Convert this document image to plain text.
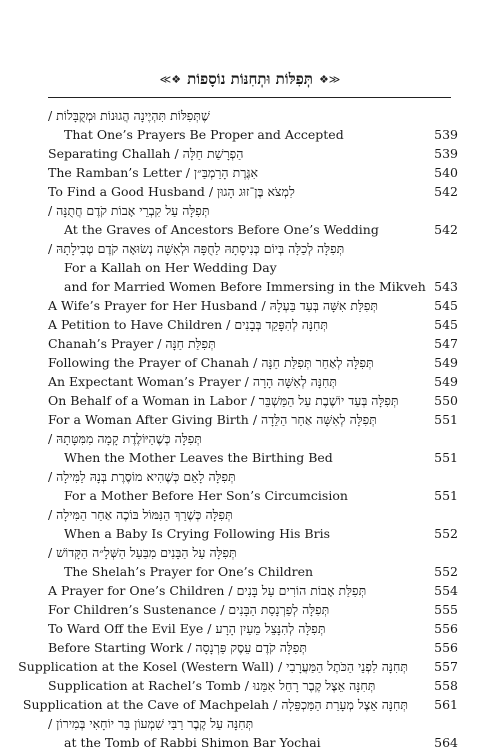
≪❖ תְּפִלּוֹת וּתְחִנּוֹת נוֹסָפוֹת ❖≫
שֶׁתְּפִלּוֹת תִּהְיֶינָה הֲגוּנוֹת וּמְקֻבָּלוֹת /
That One’s Prayers Be Proper and Accepted	539
הַפְרָשַׁת חַלָּה / Separating Challah	539
אִגֶּרֶת הָרַמְבַּ״ן / The Ramban’s Letter	540
לִמְצֹא בֶּן־זוּג הָגוּן / To Find a Good Husband	542
תְּפִלָּה עַל קִבְרֵי אָבוֹת קֹדֶם חֲתֻנָּה /
At the Graves of Ancestors Before One’s Wedding	542
תְּפִלָּה לְכַלָּה בְּיוֹם כְּנִיסָתָהּ לַחֻפָּה וּלְאִשָּׁה נְשׂוּאָה קֹדֶם טְבִילָתָהּ /
For a Kallah on Her Wedding Day
and for Married Women Before Immersing in the Mikveh 543
תְּפִלַּת אִשָּׁה בְּעַד בַּעְלָהּ / A Wife’s Prayer for Her Husband	545
תְּחִנָּה לְהִפָּקֵד בְּבָנִים / A Petition to Have Children	545
תְּפִלַּת חַנָּה / Chanah’s Prayer	547
תְּפִלָּה לְאַחַר תְּפִלַּת חַנָּה / Following the Prayer of Chanah	549
תְּחִנָּה לְאִשָּׁה הָרָה / An Expectant Woman’s Prayer	549
תְּפִלָּה בְּעַד יוֹשֶׁבֶת עַל הַמַּשְׁבֵּר / On Behalf of a Woman in Labor	550
תְּפִלָּה לְאִשָּׁה אַחַר הַלֵּדָה / For a Woman After Giving Birth	551
תְּפִלָּה כְּשֶׁהַיּוֹלֶדֶת קָמָה מִמִּטָּתָהּ /
When the Mother Leaves the Birthing Bed	551
תְּפִלָּה לָאֵם כְּשֶׁהִיא מוֹסֶרֶת בְּנָהּ לַמִּילָה /
For a Mother Before Her Son’s Circumcision	551
תְּפִלָּה כְּשֶׁרַךְ הַנִּמּוֹל בּוֹכֶה אַחַר הַמִּילָה /
When a Baby Is Crying Following His Bris	552
תְּפִלָּה עַל הַבָּנִים מִבַּעַל הַשְּׁלָ״ה הַקָּדוֹשׁ /
The Shelah’s Prayer for One’s Children	552
תְּפִלַּת אָבוֹת הוֹרִים עַל בָּנִים / A Prayer for One’s Children	554
תְּפִלָּה לְפַרְנָסַת הַבָּנִים / For Children’s Sustenance	555
תְּפִלָּה לְהִנָּצֵל מֵעַיִן הָרָע / To Ward Off the Evil Eye	556
תְּפִלָּה קֹדֶם עֵסֶק פַּרְנָסָה / Before Starting Work	556
תְּחִנָּה לִפְנֵי הַכֹּתֶל הַמַּעֲרָבִי / Supplication at the Kosel (Western Wall)	557
תְּחִנָּה אֵצֶל קֶבֶר רָחֵל אִמֵּנוּ / Supplication at Rachel’s Tomb	558
תְּחִנָּה אֵצֶל מְעָרַת הַמַּכְפֵּלָה / Supplication at the Cave of Machpelah	561
תְּחִנָּה עַל קֶבֶר רַבִּי שִׁמְעוֹן בַּר יוֹחָאִי בְּמִירוֹן /
at the Tomb of Rabbi Shimon Bar Yochai	564
